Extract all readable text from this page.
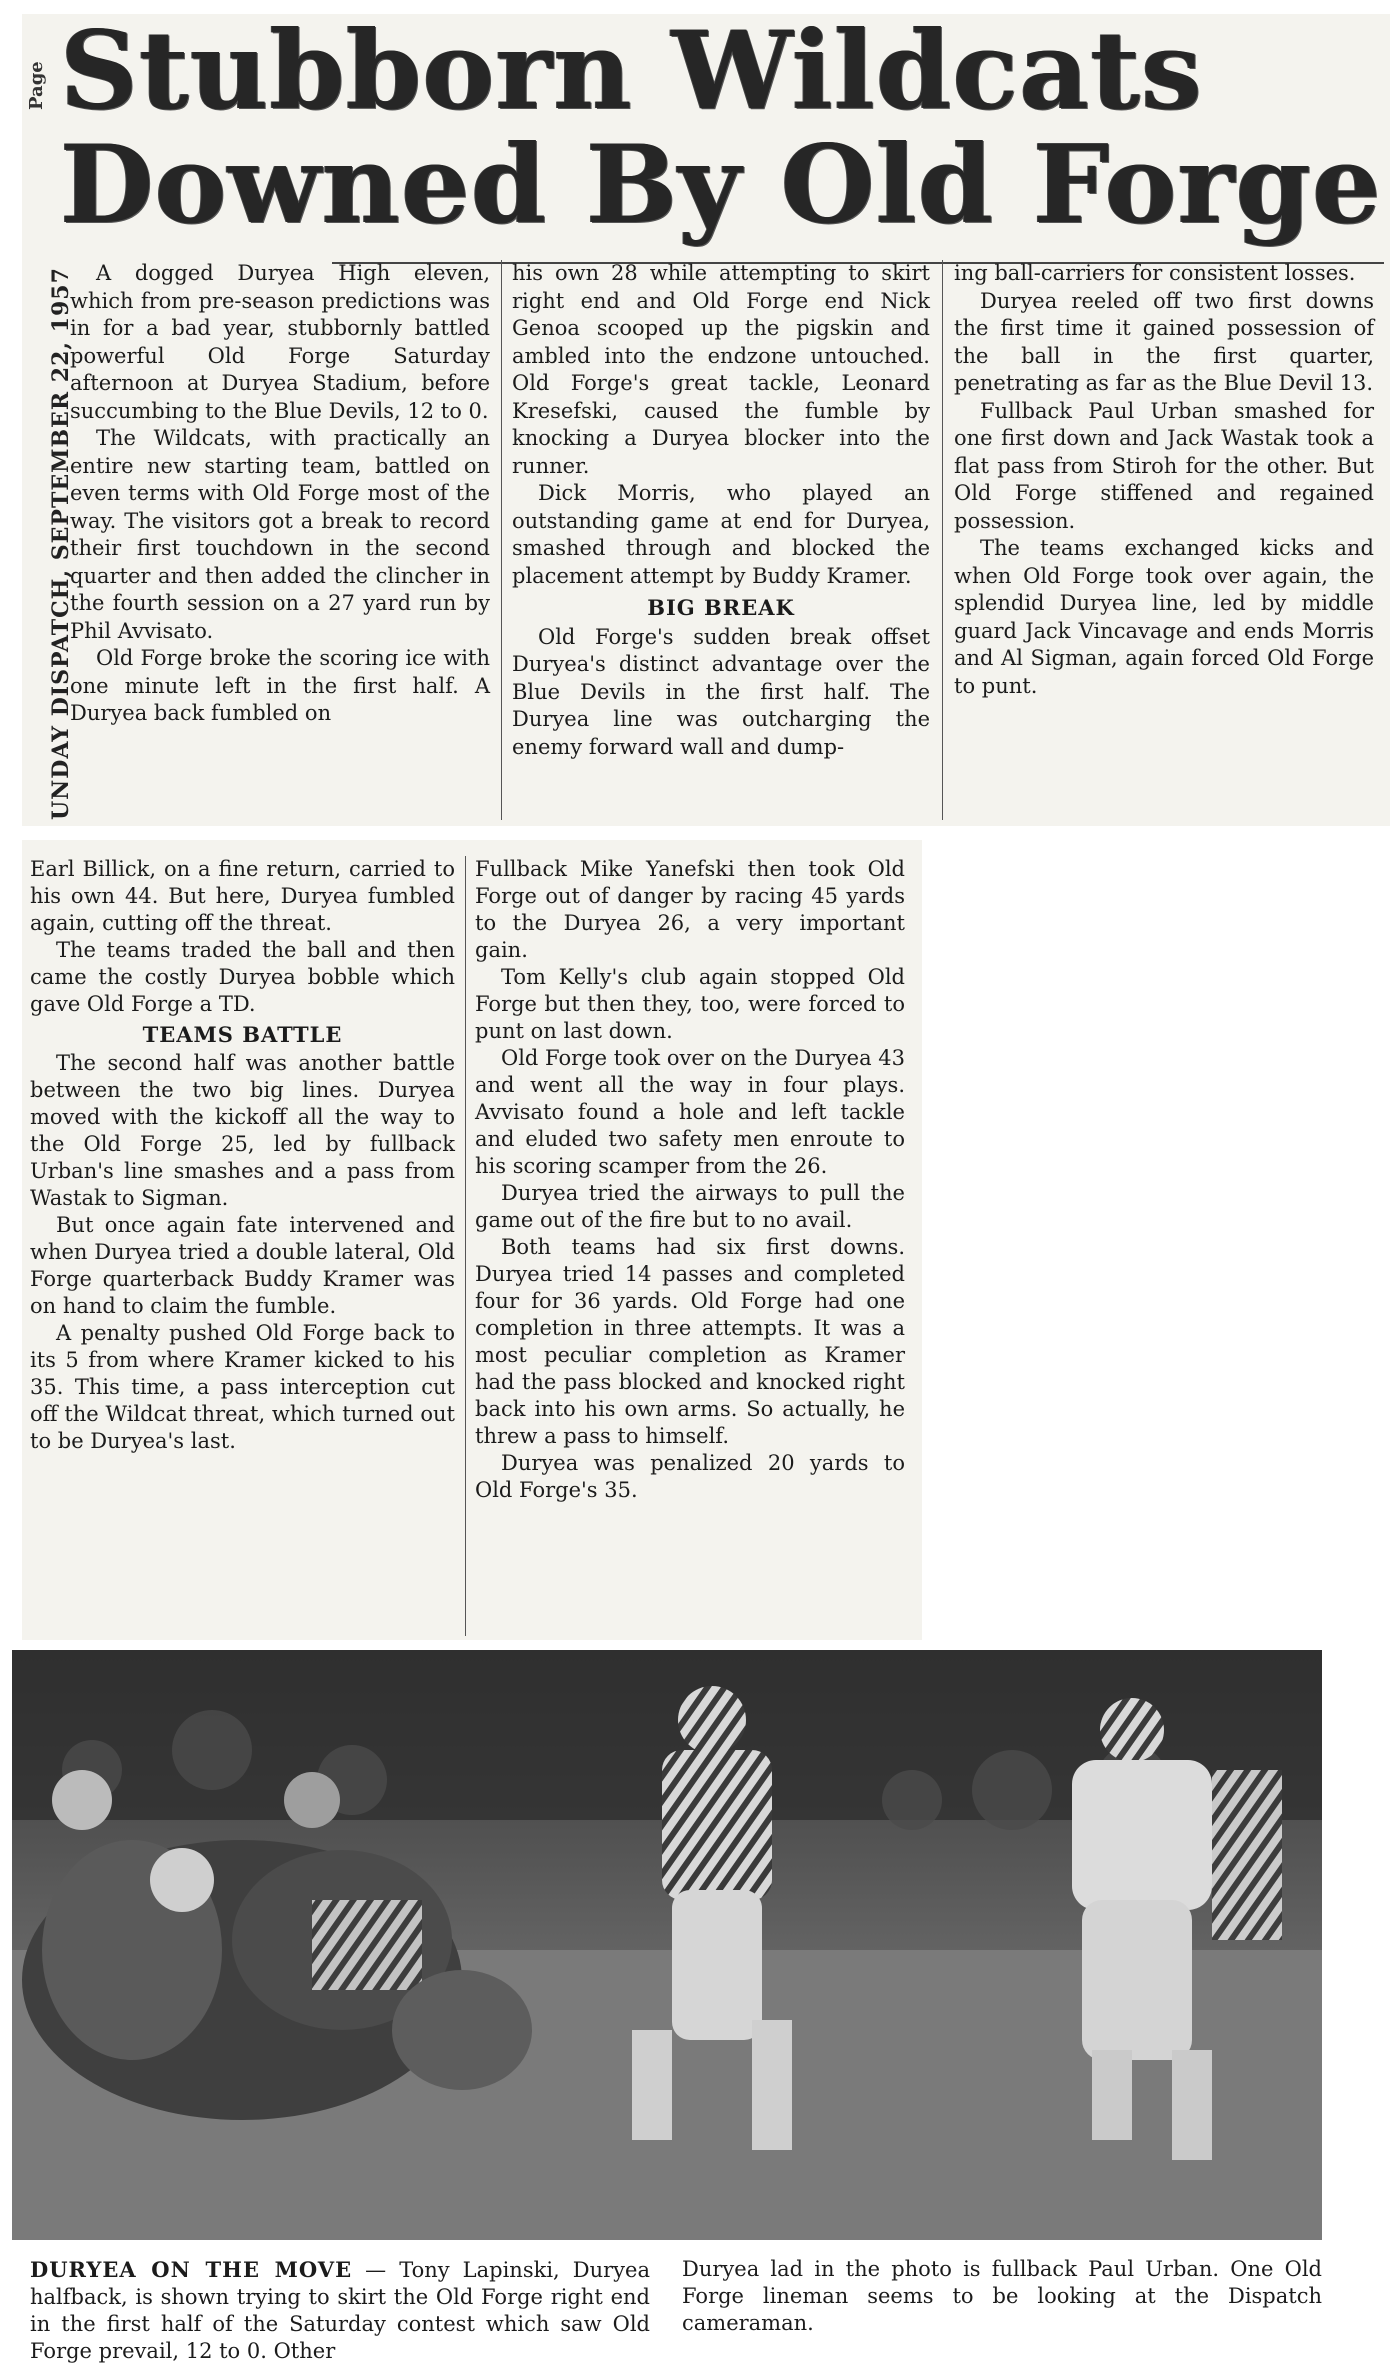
Page
UNDAY DISPATCH, SEPTEMBER 22, 1957
Stubborn Wildcats
Downed By Old Forge

A dogged Duryea High eleven, which from pre-season predictions was in for a bad year, stubbornly battled powerful Old Forge Saturday afternoon at Duryea Stadium, before succumbing to the Blue Devils, 12 to 0.

The Wildcats, with practically an entire new starting team, battled on even terms with Old Forge most of the way. The visitors got a break to record their first touchdown in the second quarter and then added the clincher in the fourth session on a 27 yard run by Phil Avvisato.

Old Forge broke the scoring ice with one minute left in the first half. A Duryea back fumbled on

his own 28 while attempting to skirt right end and Old Forge end Nick Genoa scooped up the pigskin and ambled into the endzone untouched. Old Forge's great tackle, Leonard Kresefski, caused the fumble by knocking a Duryea blocker into the runner.

Dick Morris, who played an outstanding game at end for Duryea, smashed through and blocked the placement attempt by Buddy Kramer.

BIG BREAK

Old Forge's sudden break offset Duryea's distinct advantage over the Blue Devils in the first half. The Duryea line was outcharging the enemy forward wall and dump-

ing ball-carriers for consistent losses.

Duryea reeled off two first downs the first time it gained possession of the ball in the first quarter, penetrating as far as the Blue Devil 13.

Fullback Paul Urban smashed for one first down and Jack Wastak took a flat pass from Stiroh for the other. But Old Forge stiffened and regained possession.

The teams exchanged kicks and when Old Forge took over again, the splendid Duryea line, led by middle guard Jack Vincavage and ends Morris and Al Sigman, again forced Old Forge to punt.

Earl Billick, on a fine return, carried to his own 44. But here, Duryea fumbled again, cutting off the threat.

The teams traded the ball and then came the costly Duryea bobble which gave Old Forge a TD.

TEAMS BATTLE

The second half was another battle between the two big lines. Duryea moved with the kickoff all the way to the Old Forge 25, led by fullback Urban's line smashes and a pass from Wastak to Sigman.

But once again fate intervened and when Duryea tried a double lateral, Old Forge quarterback Buddy Kramer was on hand to claim the fumble.

A penalty pushed Old Forge back to its 5 from where Kramer kicked to his 35. This time, a pass interception cut off the Wildcat threat, which turned out to be Duryea's last.

Fullback Mike Yanefski then took Old Forge out of danger by racing 45 yards to the Duryea 26, a very important gain.

Tom Kelly's club again stopped Old Forge but then they, too, were forced to punt on last down.

Old Forge took over on the Duryea 43 and went all the way in four plays. Avvisato found a hole and left tackle and eluded two safety men enroute to his scoring scamper from the 26.

Duryea tried the airways to pull the game out of the fire but to no avail.

Both teams had six first downs. Duryea tried 14 passes and completed four for 36 yards. Old Forge had one completion in three attempts. It was a most peculiar completion as Kramer had the pass blocked and knocked right back into his own arms. So actually, he threw a pass to himself.

Duryea was penalized 20 yards to Old Forge's 35.

DURYEA ON THE MOVE — Tony Lapinski, Duryea halfback, is shown trying to skirt the Old Forge right end in the first half of the Saturday contest which saw Old Forge prevail, 12 to 0. Other
Duryea lad in the photo is fullback Paul Urban. One Old Forge lineman seems to be looking at the Dispatch cameraman.
